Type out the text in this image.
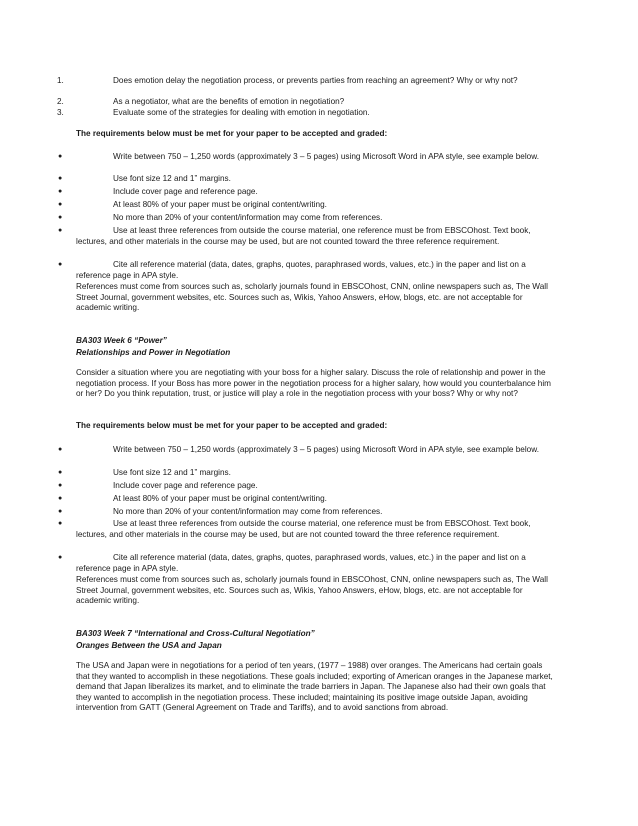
1.	Does emotion delay the negotiation process, or prevents parties from reaching an agreement? Why or why not?
2.	As a negotiator, what are the benefits of emotion in negotiation?
3.	Evaluate some of the strategies for dealing with emotion in negotiation.
The requirements below must be met for your paper to be accepted and graded:
●	Write between 750 – 1,250 words (approximately 3 – 5 pages) using Microsoft Word in APA style, see example below.
●	Use font size 12 and 1” margins.
●	Include cover page and reference page.
●	At least 80% of your paper must be original content/writing.
●	No more than 20% of your content/information may come from references.
●	Use at least three references from outside the course material, one reference must be from EBSCOhost. Text book, lectures, and other materials in the course may be used, but are not counted toward the three reference requirement.
●	Cite all reference material (data, dates, graphs, quotes, paraphrased words, values, etc.) in the paper and list on a reference page in APA style.
References must come from sources such as, scholarly journals found in EBSCOhost, CNN, online newspapers such as, The Wall Street Journal, government websites, etc. Sources such as, Wikis, Yahoo Answers, eHow, blogs, etc. are not acceptable for academic writing.
BA303 Week 6 “Power”
Relationships and Power in Negotiation
Consider a situation where you are negotiating with your boss for a higher salary. Discuss the role of relationship and power in the negotiation process. If your Boss has more power in the negotiation process for a higher salary, how would you counterbalance him or her? Do you think reputation, trust, or justice will play a role in the negotiation process with your boss? Why or why not?
The requirements below must be met for your paper to be accepted and graded:
●	Write between 750 – 1,250 words (approximately 3 – 5 pages) using Microsoft Word in APA style, see example below.
●	Use font size 12 and 1” margins.
●	Include cover page and reference page.
●	At least 80% of your paper must be original content/writing.
●	No more than 20% of your content/information may come from references.
●	Use at least three references from outside the course material, one reference must be from EBSCOhost. Text book, lectures, and other materials in the course may be used, but are not counted toward the three reference requirement.
●	Cite all reference material (data, dates, graphs, quotes, paraphrased words, values, etc.) in the paper and list on a reference page in APA style.
References must come from sources such as, scholarly journals found in EBSCOhost, CNN, online newspapers such as, The Wall Street Journal, government websites, etc. Sources such as, Wikis, Yahoo Answers, eHow, blogs, etc. are not acceptable for academic writing.
BA303 Week 7 “International and Cross-Cultural Negotiation”
Oranges Between the USA and Japan
The USA and Japan were in negotiations for a period of ten years, (1977 – 1988) over oranges. The Americans had certain goals that they wanted to accomplish in these negotiations. These goals included; exporting of American oranges in the Japanese market, demand that Japan liberalizes its market, and to eliminate the trade barriers in Japan. The Japanese also had their own goals that they wanted to accomplish in the negotiation process. These included; maintaining its positive image outside Japan, avoiding intervention from GATT (General Agreement on Trade and Tariffs), and to avoid sanctions from abroad.
